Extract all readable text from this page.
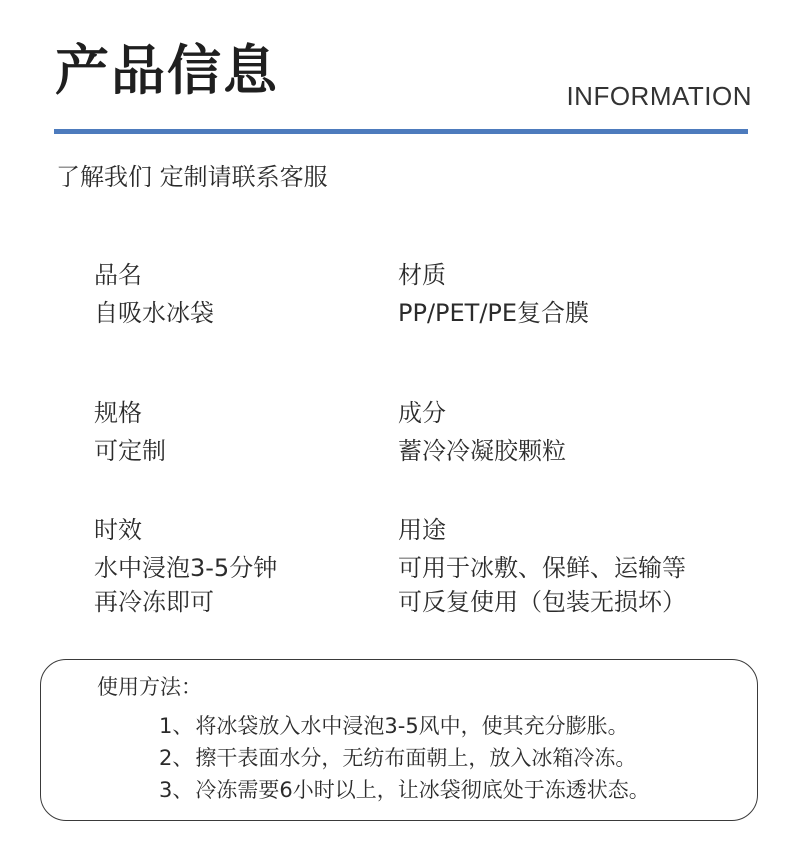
产品信息	INFORMATION
了解我们 定制请联系客服
品名
自吸水冰袋
材质
PP/PET/PE复合膜
规格
可定制
成分
蓄冷冷凝胶颗粒
时效
水中浸泡3-5分钟
再冷冻即可
用途
可用于冰敷、保鲜、运输等
可反复使用（包装无损坏）
使用方法：
1、将冰袋放入水中浸泡3-5风中，使其充分膨胀。
2、擦干表面水分，无纺布面朝上，放入冰箱冷冻。
3、冷冻需要6小时以上，让冰袋彻底处于冻透状态。
